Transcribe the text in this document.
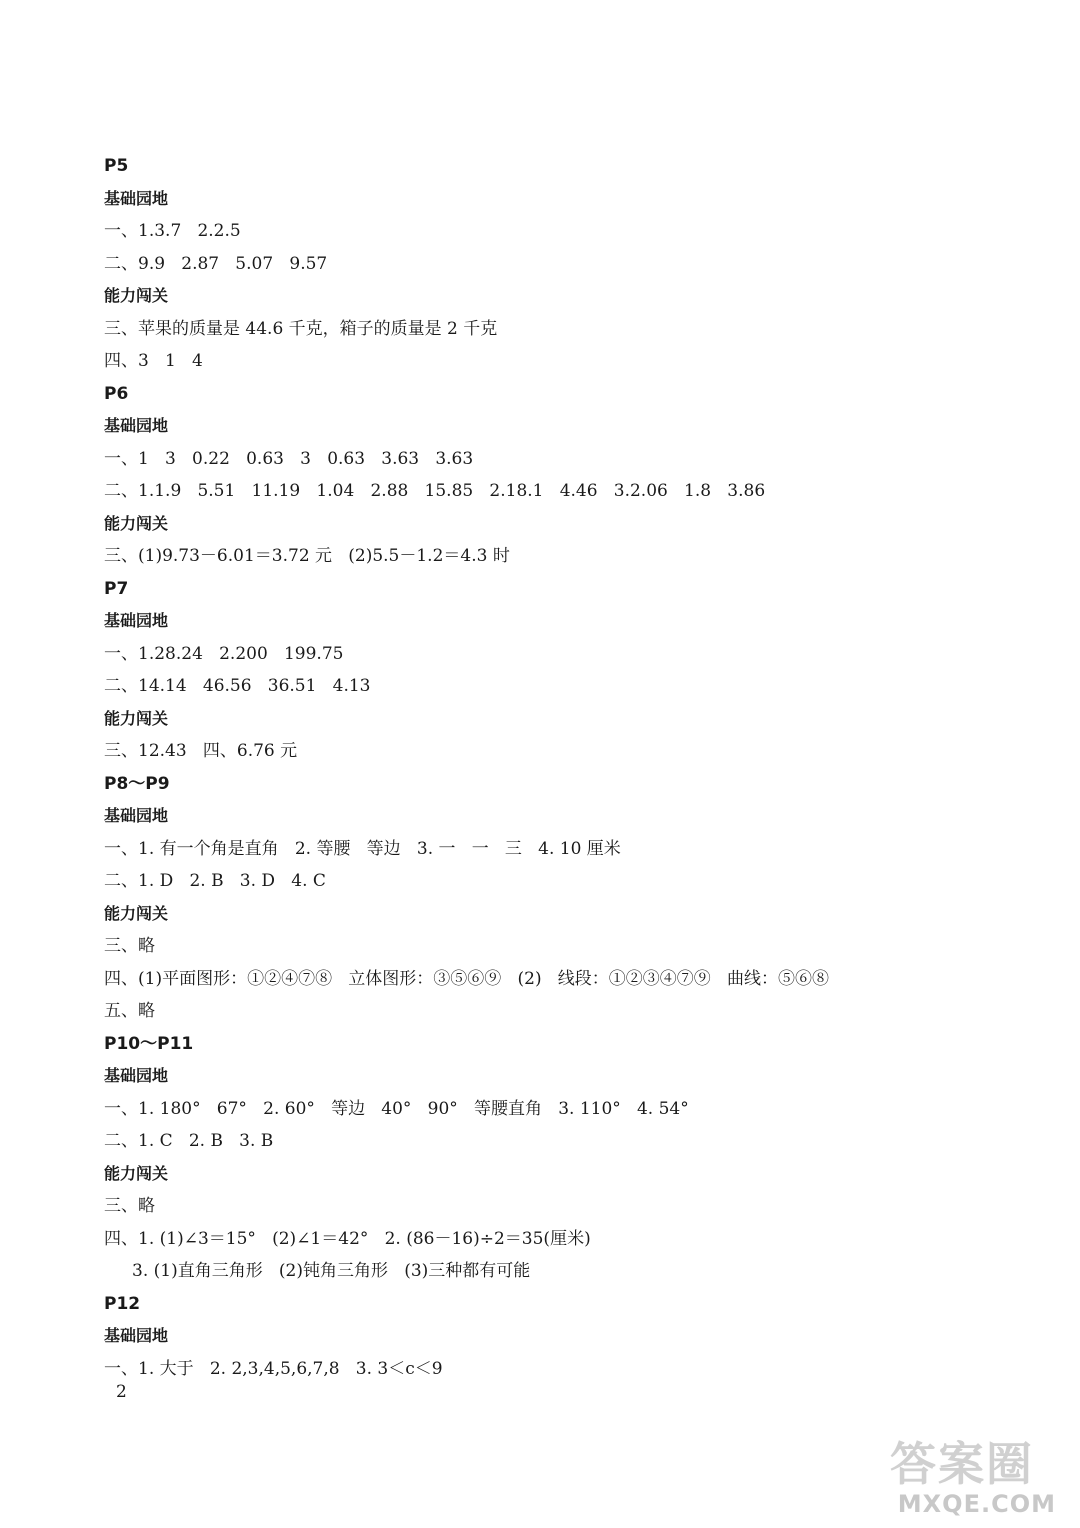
P5
基础园地
一、1.3.7   2.2.5
二、9.9   2.87   5.07   9.57
能力闯关
三、苹果的质量是 44.6 千克，箱子的质量是 2 千克
四、3   1   4
P6
基础园地
一、1   3   0.22   0.63   3   0.63   3.63   3.63
二、1.1.9   5.51   11.19   1.04   2.88   15.85   2.18.1   4.46   3.2.06   1.8   3.86
能力闯关
三、(1)9.73－6.01＝3.72 元   (2)5.5－1.2＝4.3 时
P7
基础园地
一、1.28.24   2.200   199.75
二、14.14   46.56   36.51   4.13
能力闯关
三、12.43   四、6.76 元
P8～P9
基础园地
一、1. 有一个角是直角   2. 等腰   等边   3. 一   一   三   4. 10 厘米
二、1. D   2. B   3. D   4. C
能力闯关
三、略
四、(1)平面图形：①②④⑦⑧   立体图形：③⑤⑥⑨   (2)   线段：①②③④⑦⑨   曲线：⑤⑥⑧
五、略
P10～P11
基础园地
一、1. 180°   67°   2. 60°   等边   40°   90°   等腰直角   3. 110°   4. 54°
二、1. C   2. B   3. B
能力闯关
三、略
四、1. (1)∠3＝15°   (2)∠1＝42°   2. (86－16)÷2＝35(厘米)
3. (1)直角三角形   (2)钝角三角形   (3)三种都有可能
P12
基础园地
一、1. 大于   2. 2,3,4,5,6,7,8   3. 3＜c＜9
2
答案圈
MXQE.COM
